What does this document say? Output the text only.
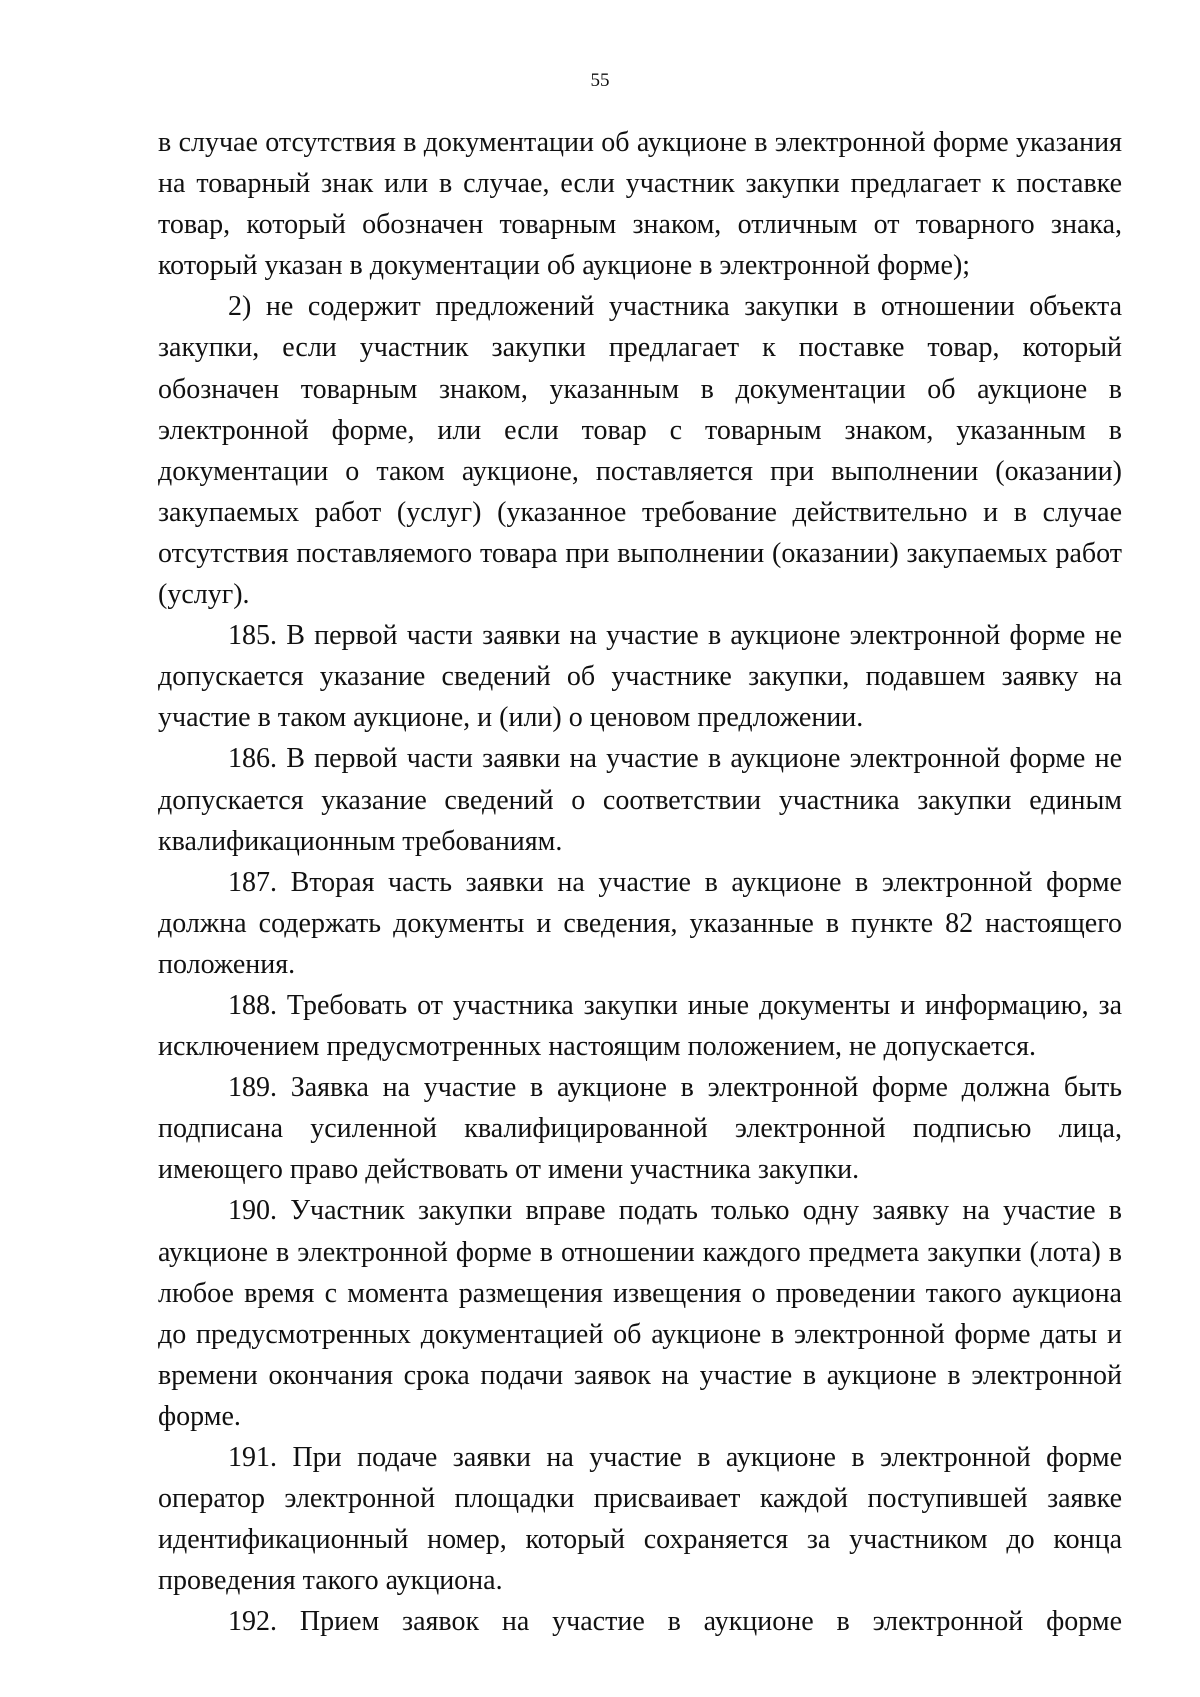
55

в случае отсутствия в документации об аукционе в электронной форме указания на товарный знак или в случае, если участник закупки предлагает к поставке товар, который обозначен товарным знаком, отличным от товарного знака, который указан в документации об аукционе в электронной форме);

2) не содержит предложений участника закупки в отношении объекта закупки, если участник закупки предлагает к поставке товар, который обозначен товарным знаком, указанным в документации об аукционе в электронной форме, или если товар с товарным знаком, указанным в документации о таком аукционе, поставляется при выполнении (оказании) закупаемых работ (услуг) (указанное требование действительно и в случае отсутствия поставляемого товара при выполнении (оказании) закупаемых работ (услуг).

185. В первой части заявки на участие в аукционе электронной форме не допускается указание сведений об участнике закупки, подавшем заявку на участие в таком аукционе, и (или) о ценовом предложении.

186. В первой части заявки на участие в аукционе электронной форме не допускается указание сведений о соответствии участника закупки единым квалификационным требованиям.

187. Вторая часть заявки на участие в аукционе в электронной форме должна содержать документы и сведения, указанные в пункте 82 настоящего положения.

188. Требовать от участника закупки иные документы и информацию, за исключением предусмотренных настоящим положением, не допускается.

189. Заявка на участие в аукционе в электронной форме должна быть подписана усиленной квалифицированной электронной подписью лица, имеющего право действовать от имени участника закупки.

190. Участник закупки вправе подать только одну заявку на участие в аукционе в электронной форме в отношении каждого предмета закупки (лота) в любое время с момента размещения извещения о проведении такого аукциона до предусмотренных документацией об аукционе в электронной форме даты и времени окончания срока подачи заявок на участие в аукционе в электронной форме.

191. При подаче заявки на участие в аукционе в электронной форме оператор электронной площадки присваивает каждой поступившей заявке идентификационный номер, который сохраняется за участником до конца проведения такого аукциона.

192. Прием заявок на участие в аукционе в электронной форме
